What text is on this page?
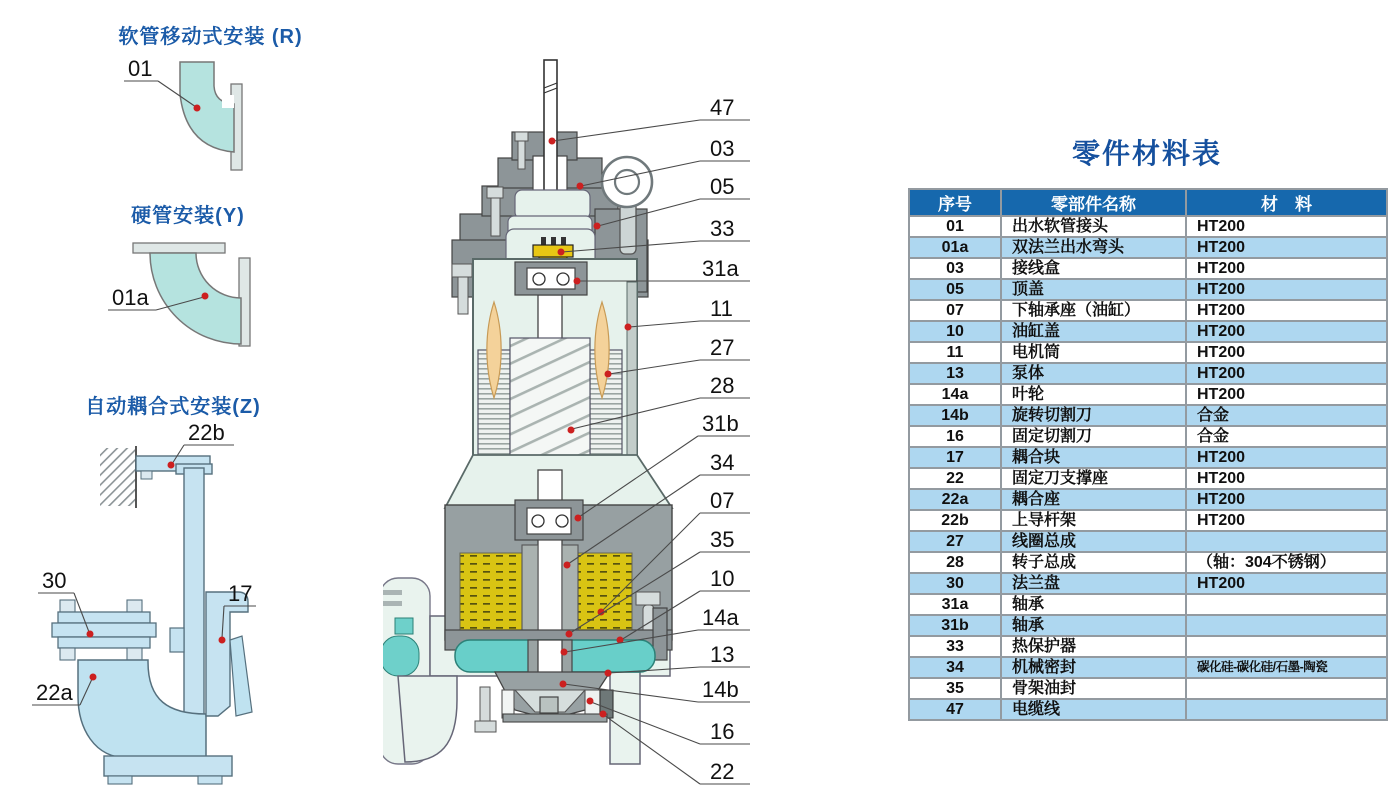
软管移动式安装 (R)
硬管安装(Y)
自动耦合式安装(Z)
01
01a
22b
30
17
22a
47
03
05
33
31a
11
27
28
31b
34
07
35
10
14a
13
14b
16
22
零件材料表
序号	零部件名称	材　料
01	出水软管接头	HT200
01a	双法兰出水弯头	HT200
03	接线盒	HT200
05	顶盖	HT200
07	下轴承座（油缸）	HT200
10	油缸盖	HT200
11	电机筒	HT200
13	泵体	HT200
14a	叶轮	HT200
14b	旋转切割刀	合金
16	固定切割刀	合金
17	耦合块	HT200
22	固定刀支撑座	HT200
22a	耦合座	HT200
22b	上导杆架	HT200
27	线圈总成	
28	转子总成	（轴：304不锈钢）
30	法兰盘	HT200
31a	轴承	
31b	轴承	
33	热保护器	
34	机械密封	碳化硅-碳化硅/石墨-陶瓷
35	骨架油封	
47	电缆线	
